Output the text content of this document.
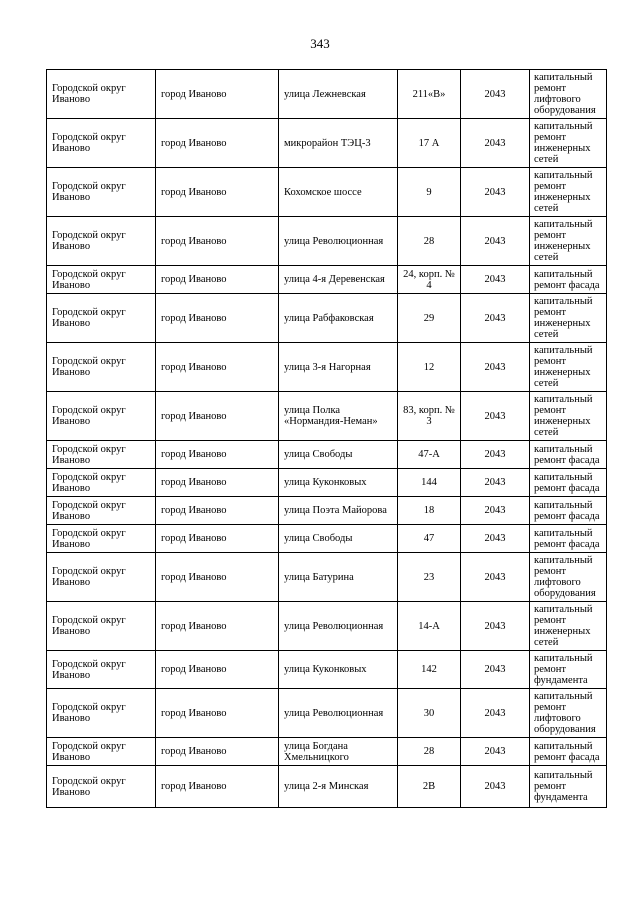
343
Городской округ Иваново	город Иваново	улица Лежневская	211«В»	2043	капитальный ремонт лифтового оборудования
Городской округ Иваново	город Иваново	микрорайон ТЭЦ-3	17 А	2043	капитальный ремонт инженерных сетей
Городской округ Иваново	город Иваново	Кохомское шоссе	9	2043	капитальный ремонт инженерных сетей
Городской округ Иваново	город Иваново	улица Революционная	28	2043	капитальный ремонт инженерных сетей
Городской округ Иваново	город Иваново	улица 4-я Деревенская	24, корп. № 4	2043	капитальный ремонт фасада
Городской округ Иваново	город Иваново	улица Рабфаковская	29	2043	капитальный ремонт инженерных сетей
Городской округ Иваново	город Иваново	улица 3-я Нагорная	12	2043	капитальный ремонт инженерных сетей
Городской округ Иваново	город Иваново	улица Полка «Нормандия-Неман»	83, корп. № 3	2043	капитальный ремонт инженерных сетей
Городской округ Иваново	город Иваново	улица Свободы	47-А	2043	капитальный ремонт фасада
Городской округ Иваново	город Иваново	улица Куконковых	144	2043	капитальный ремонт фасада
Городской округ Иваново	город Иваново	улица Поэта Майорова	18	2043	капитальный ремонт фасада
Городской округ Иваново	город Иваново	улица Свободы	47	2043	капитальный ремонт фасада
Городской округ Иваново	город Иваново	улица Батурина	23	2043	капитальный ремонт лифтового оборудования
Городской округ Иваново	город Иваново	улица Революционная	14-А	2043	капитальный ремонт инженерных сетей
Городской округ Иваново	город Иваново	улица Куконковых	142	2043	капитальный ремонт фундамента
Городской округ Иваново	город Иваново	улица Революционная	30	2043	капитальный ремонт лифтового оборудования
Городской округ Иваново	город Иваново	улица Богдана Хмельницкого	28	2043	капитальный ремонт фасада
Городской округ Иваново	город Иваново	улица 2-я Минская	2В	2043	капитальный ремонт фундамента
